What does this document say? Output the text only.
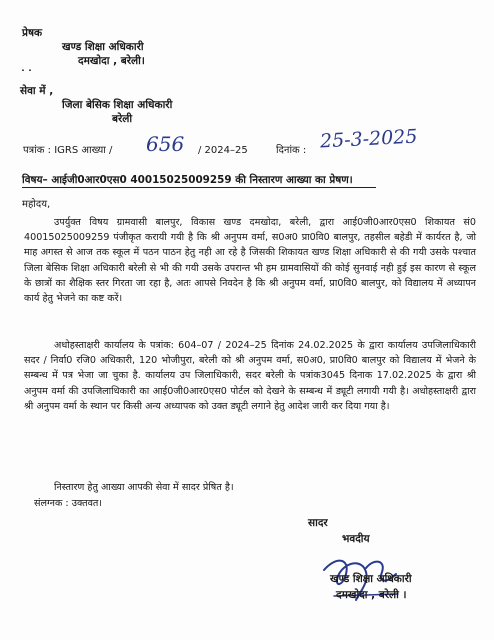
प्रेषक
खण्ड शिक्षा अधिकारी
दमखोदा , बरेली।
˙˙
सेवा में ,
जिला बेसिक शिक्षा अधिकारी
बरेली
पत्रांक : IGRS आख्या / 656 / 2024–25	दिनांक : 25-3-2025
विषय– आईजी0आर0एस0 40015025009259 की निस्तारण आख्या का प्रेषण।
महोदय,
उपर्युक्त विषय ग्रामवासी बालपुर, विकास खण्ड दमखोदा, बरेली, द्वारा आई0जी0आर0एस0 शिकायत सं0 40015025009259 पंजीकृत करायी गयी है कि श्री अनुपम वर्मा, स0अ0 प्रा0वि0 बालपुर, तहसील बहेडी में कार्यरत है, जो माह अगस्त से आज तक स्कूल में पठन पाठन हेतु नही आ रहे है जिसकी शिकायत खण्ड शिक्षा अधिकारी से की गयी उसके पश्चात जिला बेसिक शिक्षा अधिकारी बरेली से भी की गयी उसके उपरान्त भी हम ग्रामवासियों की कोई सुनवाई नही हुई इस कारण से स्कूल के छात्रों का शैक्षिक स्तर गिरता जा रहा है, अतः आपसे निवदेन है कि श्री अनुपम वर्मा, प्रा0वि0 बालपुर, को विद्यालय में अध्यापन कार्य हेतु भेजने का कष्ट करें।
अधोहस्ताक्षरी कार्यालय के पत्रांक: 604–07 / 2024–25 दिनांक 24.02.2025 के द्वारा कार्यालय उपजिलाधिकारी सदर / निर्वा0 रजि0 अधिकारी, 120 भोजीपुरा, बरेली को श्री अनुपम वर्मा, स0अ0, प्रा0वि0 बालपुर को विद्यालय में भेजने के सम्बन्ध में पत्र भेजा जा चुका है. कार्यालय उप जिलाधिकारी, सदर बरेली के पत्रांक3045 दिनाक 17.02.2025 के द्वारा श्री अनुपम वर्मा की उपजिलाधिकारी का आई0जी0आर0एस0 पोर्टल को देखने के सम्बन्ध में ड्यूटी लगायी गयी है। अधोहस्ताक्षरी द्वारा श्री अनुपम वर्मा के स्थान पर किसी अन्य अध्यापक को उक्त ड्यूटी लगाने हेतु आदेश जारी कर दिया गया है।
निस्तारण हेतु आख्या आपकी सेवा में सादर प्रेषित है।
संलग्नक : उक्तवत।
सादर
भवदीय
खण्ड शिक्षा अधिकारी
दमखोदा , बरेली ।
